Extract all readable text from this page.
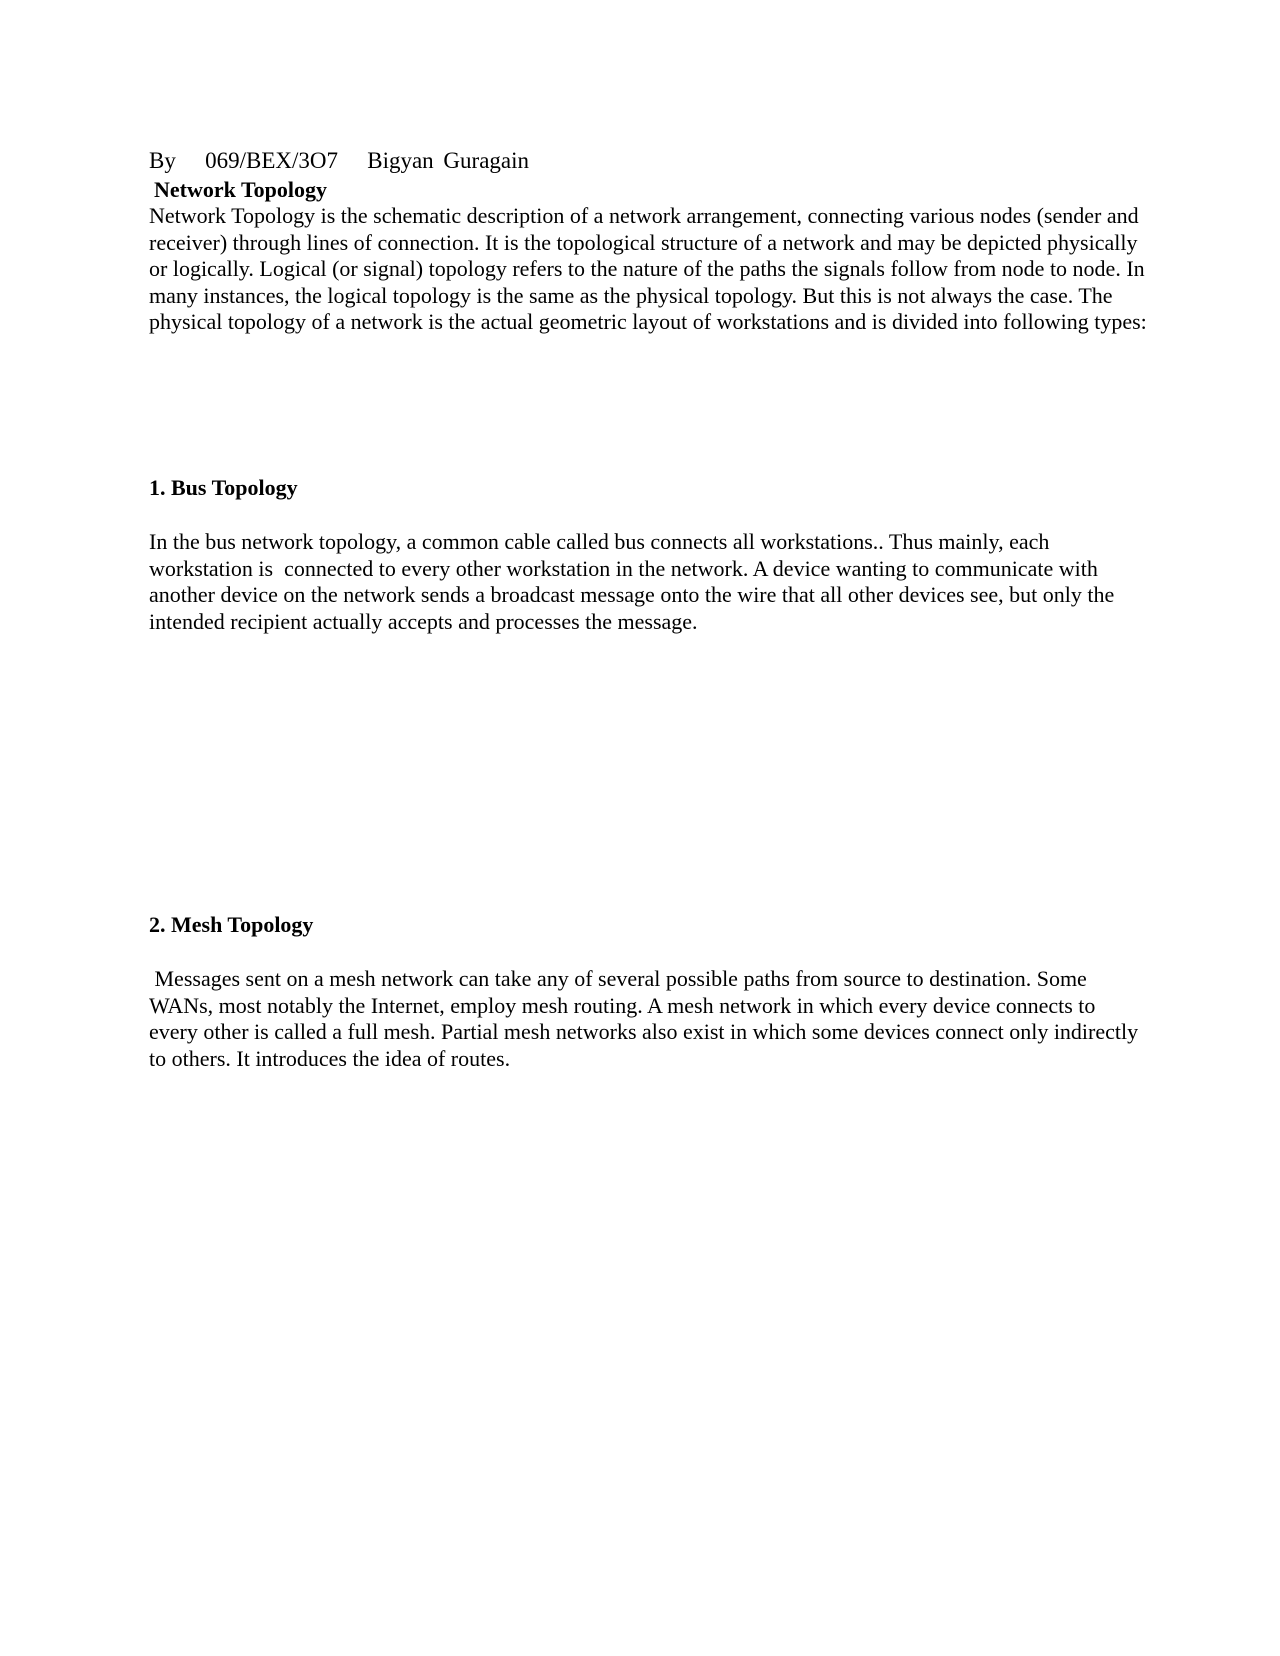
By   069/BEX/3O7   Bigyan Guragain

Network Topology

Network Topology is the schematic description of a network arrangement, connecting various nodes (sender and receiver) through lines of connection. It is the topological structure of a network and may be depicted physically or logically. Logical (or signal) topology refers to the nature of the paths the signals follow from node to node. In many instances, the logical topology is the same as the physical topology. But this is not always the case. The physical topology of a network is the actual geometric layout of workstations and is divided into following types:

1. Bus Topology

In the bus network topology, a common cable called bus connects all workstations.. Thus mainly, each workstation is  connected to every other workstation in the network. A device wanting to communicate with another device on the network sends a broadcast message onto the wire that all other devices see, but only the intended recipient actually accepts and processes the message.

2. Mesh Topology

Messages sent on a mesh network can take any of several possible paths from source to destination. Some WANs, most notably the Internet, employ mesh routing. A mesh network in which every device connects to every other is called a full mesh. Partial mesh networks also exist in which some devices connect only indirectly to others. It introduces the idea of routes.
